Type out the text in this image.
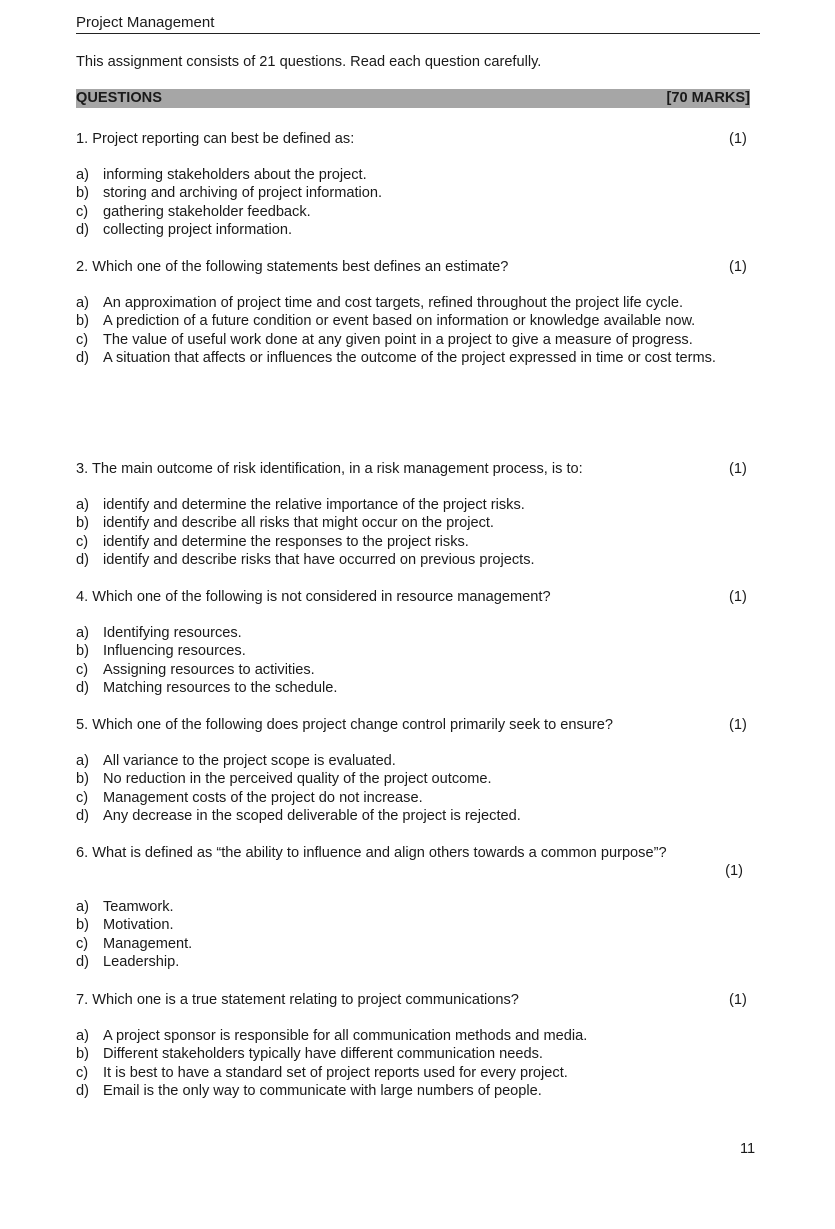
Project Management
This assignment consists of 21 questions. Read each question carefully.
QUESTIONS	[70 MARKS]
1. Project reporting can best be defined as:	(1)
a) informing stakeholders about the project.
b) storing and archiving of project information.
c)	gathering stakeholder feedback.
d) collecting project information.
2. Which one of the following statements best defines an estimate?	(1)
a) An approximation of project time and cost targets, refined throughout the project life cycle.
b) A prediction of a future condition or event based on information or knowledge available now.
c)	The value of useful work done at any given point in a project to give a measure of progress.
d) A situation that affects or influences the outcome of the project expressed in time or cost terms.
3. The main outcome of risk identification, in a risk management process, is to:	(1)
a) identify and determine the relative importance of the project risks.
b) identify and describe all risks that might occur on the project.
c)	identify and determine the responses to the project risks.
d) identify and describe risks that have occurred on previous projects.
4. Which one of the following is not considered in resource management?	(1)
a) Identifying resources.
b) Influencing resources.
c)	Assigning resources to activities.
d) Matching resources to the schedule.
5. Which one of the following does project change control primarily seek to ensure?	(1)
a) All variance to the project scope is evaluated.
b) No reduction in the perceived quality of the project outcome.
c)	Management costs of the project do not increase.
d) Any decrease in the scoped deliverable of the project is rejected.
6. What is defined as “the ability to influence and align others towards a common purpose”?
(1)
a) Teamwork.
b) Motivation.
c)	Management.
d) Leadership.
7. Which one is a true statement relating to project communications?	(1)
a) A project sponsor is responsible for all communication methods and media.
b) Different stakeholders typically have different communication needs.
c)	It is best to have a standard set of project reports used for every project.
d) Email is the only way to communicate with large numbers of people.
11
